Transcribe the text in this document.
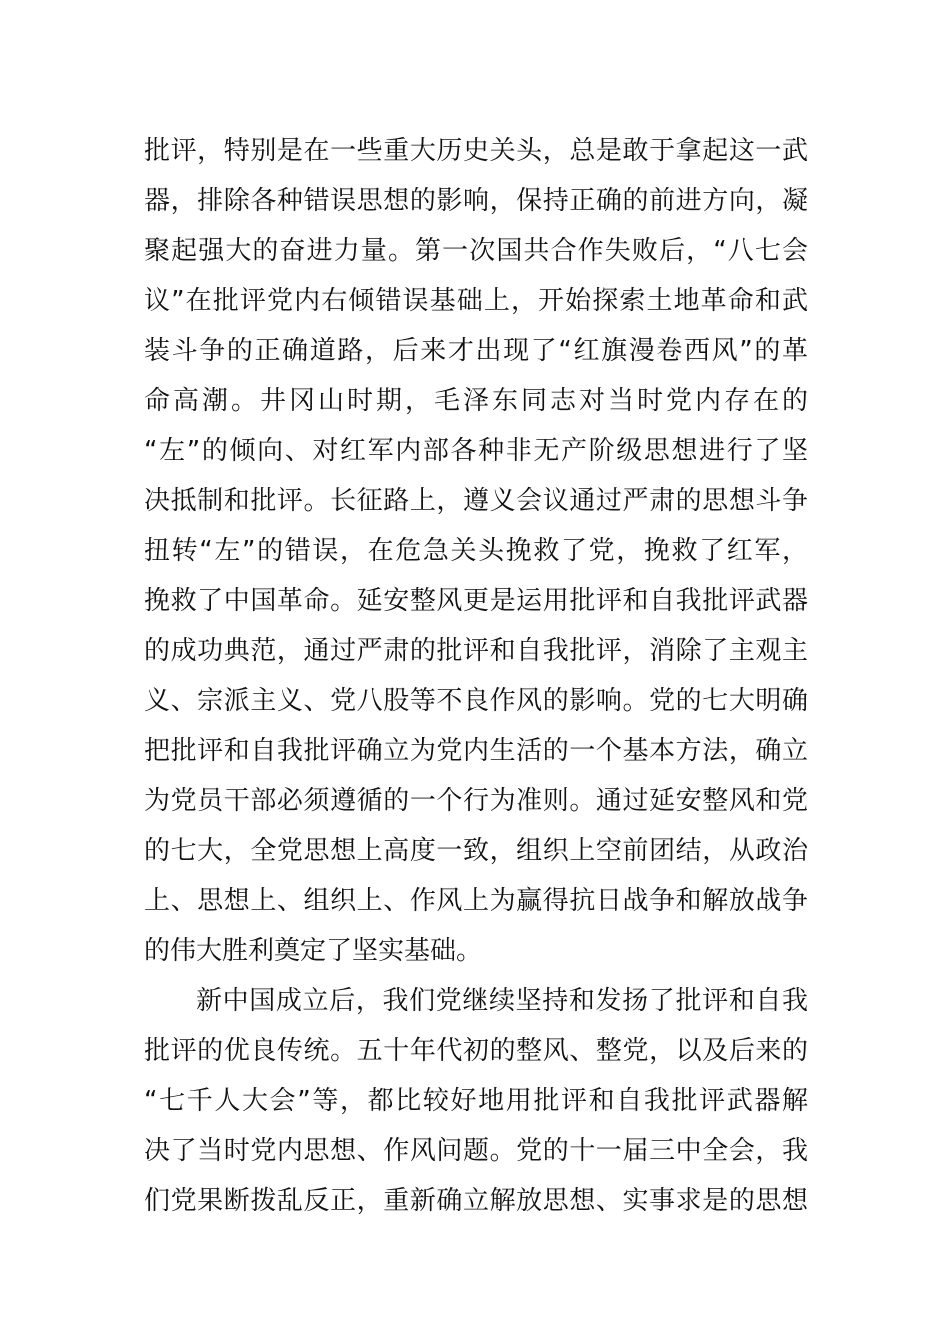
批评，特别是在一些重大历史关头，总是敢于拿起这一武
器，排除各种错误思想的影响，保持正确的前进方向，凝
聚起强大的奋进力量。第一次国共合作失败后，“八七会
议”在批评党内右倾错误基础上，开始探索土地革命和武
装斗争的正确道路，后来才出现了“红旗漫卷西风”的革
命高潮。井冈山时期，毛泽东同志对当时党内存在的
“左”的倾向、对红军内部各种非无产阶级思想进行了坚
决抵制和批评。长征路上，遵义会议通过严肃的思想斗争
扭转“左”的错误，在危急关头挽救了党，挽救了红军，
挽救了中国革命。延安整风更是运用批评和自我批评武器
的成功典范，通过严肃的批评和自我批评，消除了主观主
义、宗派主义、党八股等不良作风的影响。党的七大明确
把批评和自我批评确立为党内生活的一个基本方法，确立
为党员干部必须遵循的一个行为准则。通过延安整风和党
的七大，全党思想上高度一致，组织上空前团结，从政治
上、思想上、组织上、作风上为赢得抗日战争和解放战争
的伟大胜利奠定了坚实基础。
新中国成立后，我们党继续坚持和发扬了批评和自我
批评的优良传统。五十年代初的整风、整党，以及后来的
“七千人大会”等，都比较好地用批评和自我批评武器解
决了当时党内思想、作风问题。党的十一届三中全会，我
们党果断拨乱反正，重新确立解放思想、实事求是的思想
